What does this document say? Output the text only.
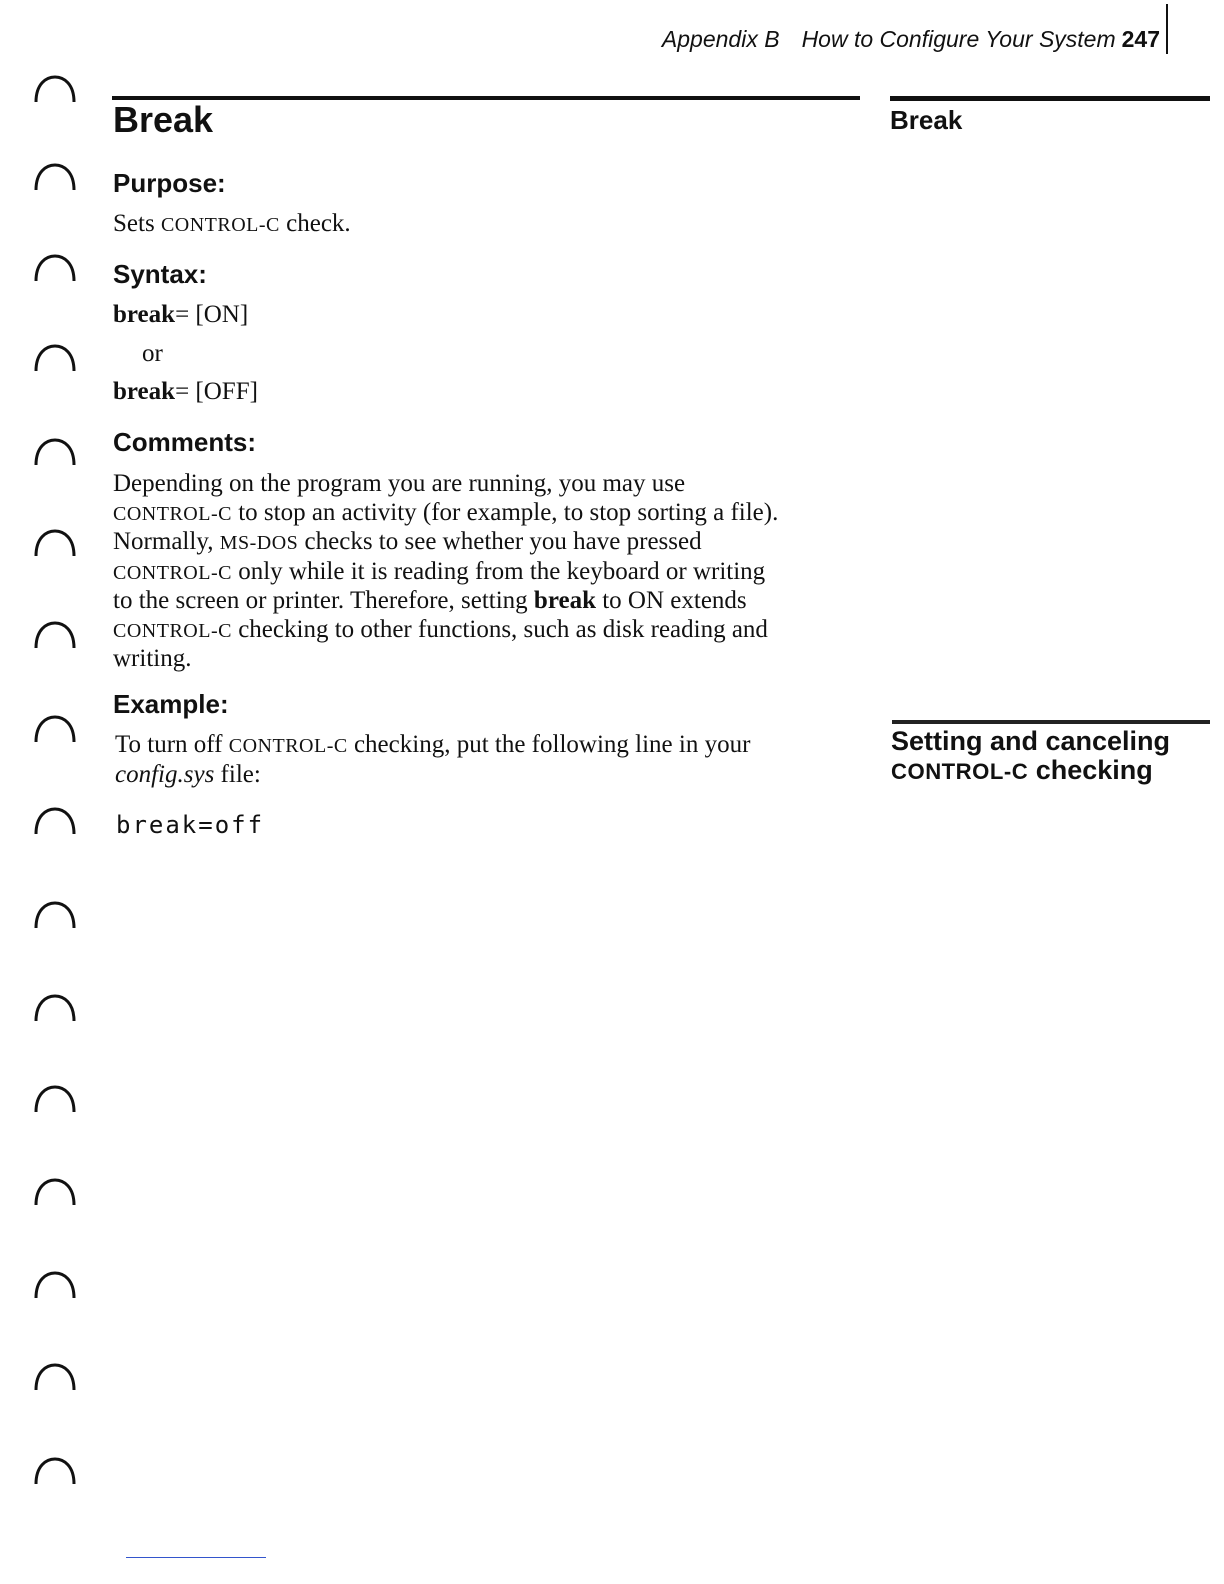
Appendix B How to Configure Your System 247
Break
Purpose:
Sets CONTROL-C check.
Syntax:
break= [ON]
or
break= [OFF]
Comments:
Depending on the program you are running, you may use
CONTROL-C to stop an activity (for example, to stop sorting a file).
Normally, MS-DOS checks to see whether you have pressed
CONTROL-C only while it is reading from the keyboard or writing
to the screen or printer. Therefore, setting break to ON extends
CONTROL-C checking to other functions, such as disk reading and
writing.
Example:
To turn off CONTROL-C checking, put the following line in your
config.sys file:
break=off
Break
Setting and canceling
CONTROL-C checking
